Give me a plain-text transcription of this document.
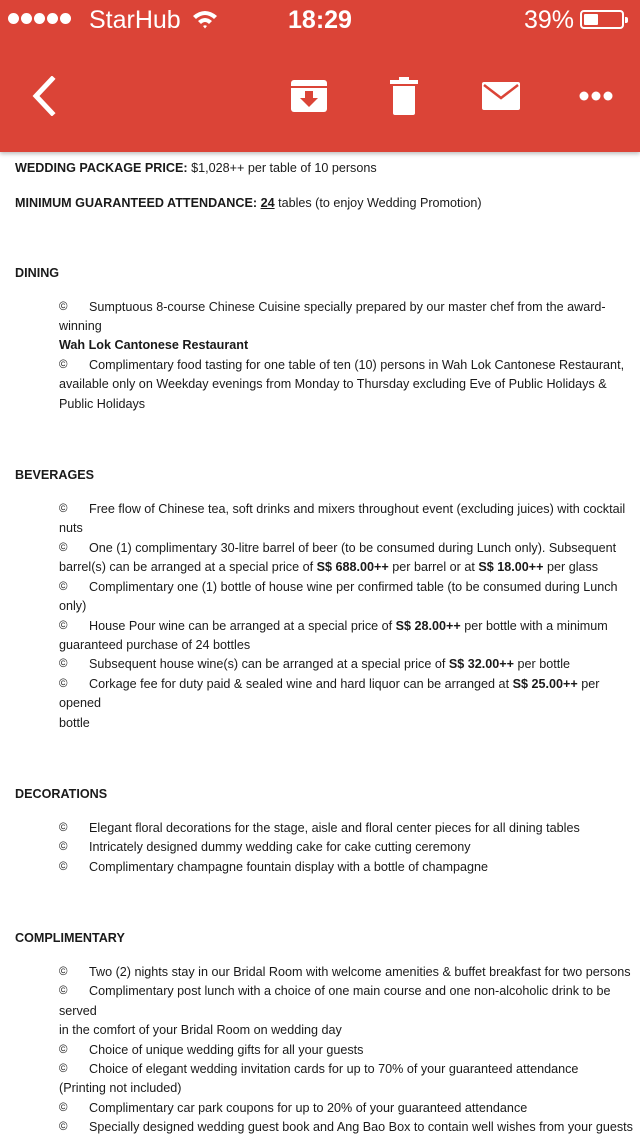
StarHub	18:29	39%
WEDDING PACKAGE PRICE: $1,028++ per table of 10 persons
MINIMUM GUARANTEED ATTENDANCE: 24 tables (to enjoy Wedding Promotion)
DINING
© Sumptuous 8-course Chinese Cuisine specially prepared by our master chef from the award-
winning
Wah Lok Cantonese Restaurant
© Complimentary food tasting for one table of ten (10) persons in Wah Lok Cantonese Restaurant,
available only on Weekday evenings from Monday to Thursday excluding Eve of Public Holidays &
Public Holidays
BEVERAGES
© Free flow of Chinese tea, soft drinks and mixers throughout event (excluding juices) with cocktail
nuts
© One (1) complimentary 30-litre barrel of beer (to be consumed during Lunch only). Subsequent
barrel(s) can be arranged at a special price of S$ 688.00++ per barrel or at S$ 18.00++ per glass
© Complimentary one (1) bottle of house wine per confirmed table (to be consumed during Lunch
only)
© House Pour wine can be arranged at a special price of S$ 28.00++ per bottle with a minimum
guaranteed purchase of 24 bottles
© Subsequent house wine(s) can be arranged at a special price of S$ 32.00++ per bottle
© Corkage fee for duty paid & sealed wine and hard liquor can be arranged at S$ 25.00++ per
opened
bottle
DECORATIONS
© Elegant floral decorations for the stage, aisle and floral center pieces for all dining tables
© Intricately designed dummy wedding cake for cake cutting ceremony
© Complimentary champagne fountain display with a bottle of champagne
COMPLIMENTARY
© Two (2) nights stay in our Bridal Room with welcome amenities & buffet breakfast for two persons
© Complimentary post lunch with a choice of one main course and one non-alcoholic drink to be
served
in the comfort of your Bridal Room on wedding day
© Choice of unique wedding gifts for all your guests
© Choice of elegant wedding invitation cards for up to 70% of your guaranteed attendance
(Printing not included)
© Complimentary car park coupons for up to 20% of your guaranteed attendance
© Specially designed wedding guest book and Ang Bao Box to contain well wishes from your guests
